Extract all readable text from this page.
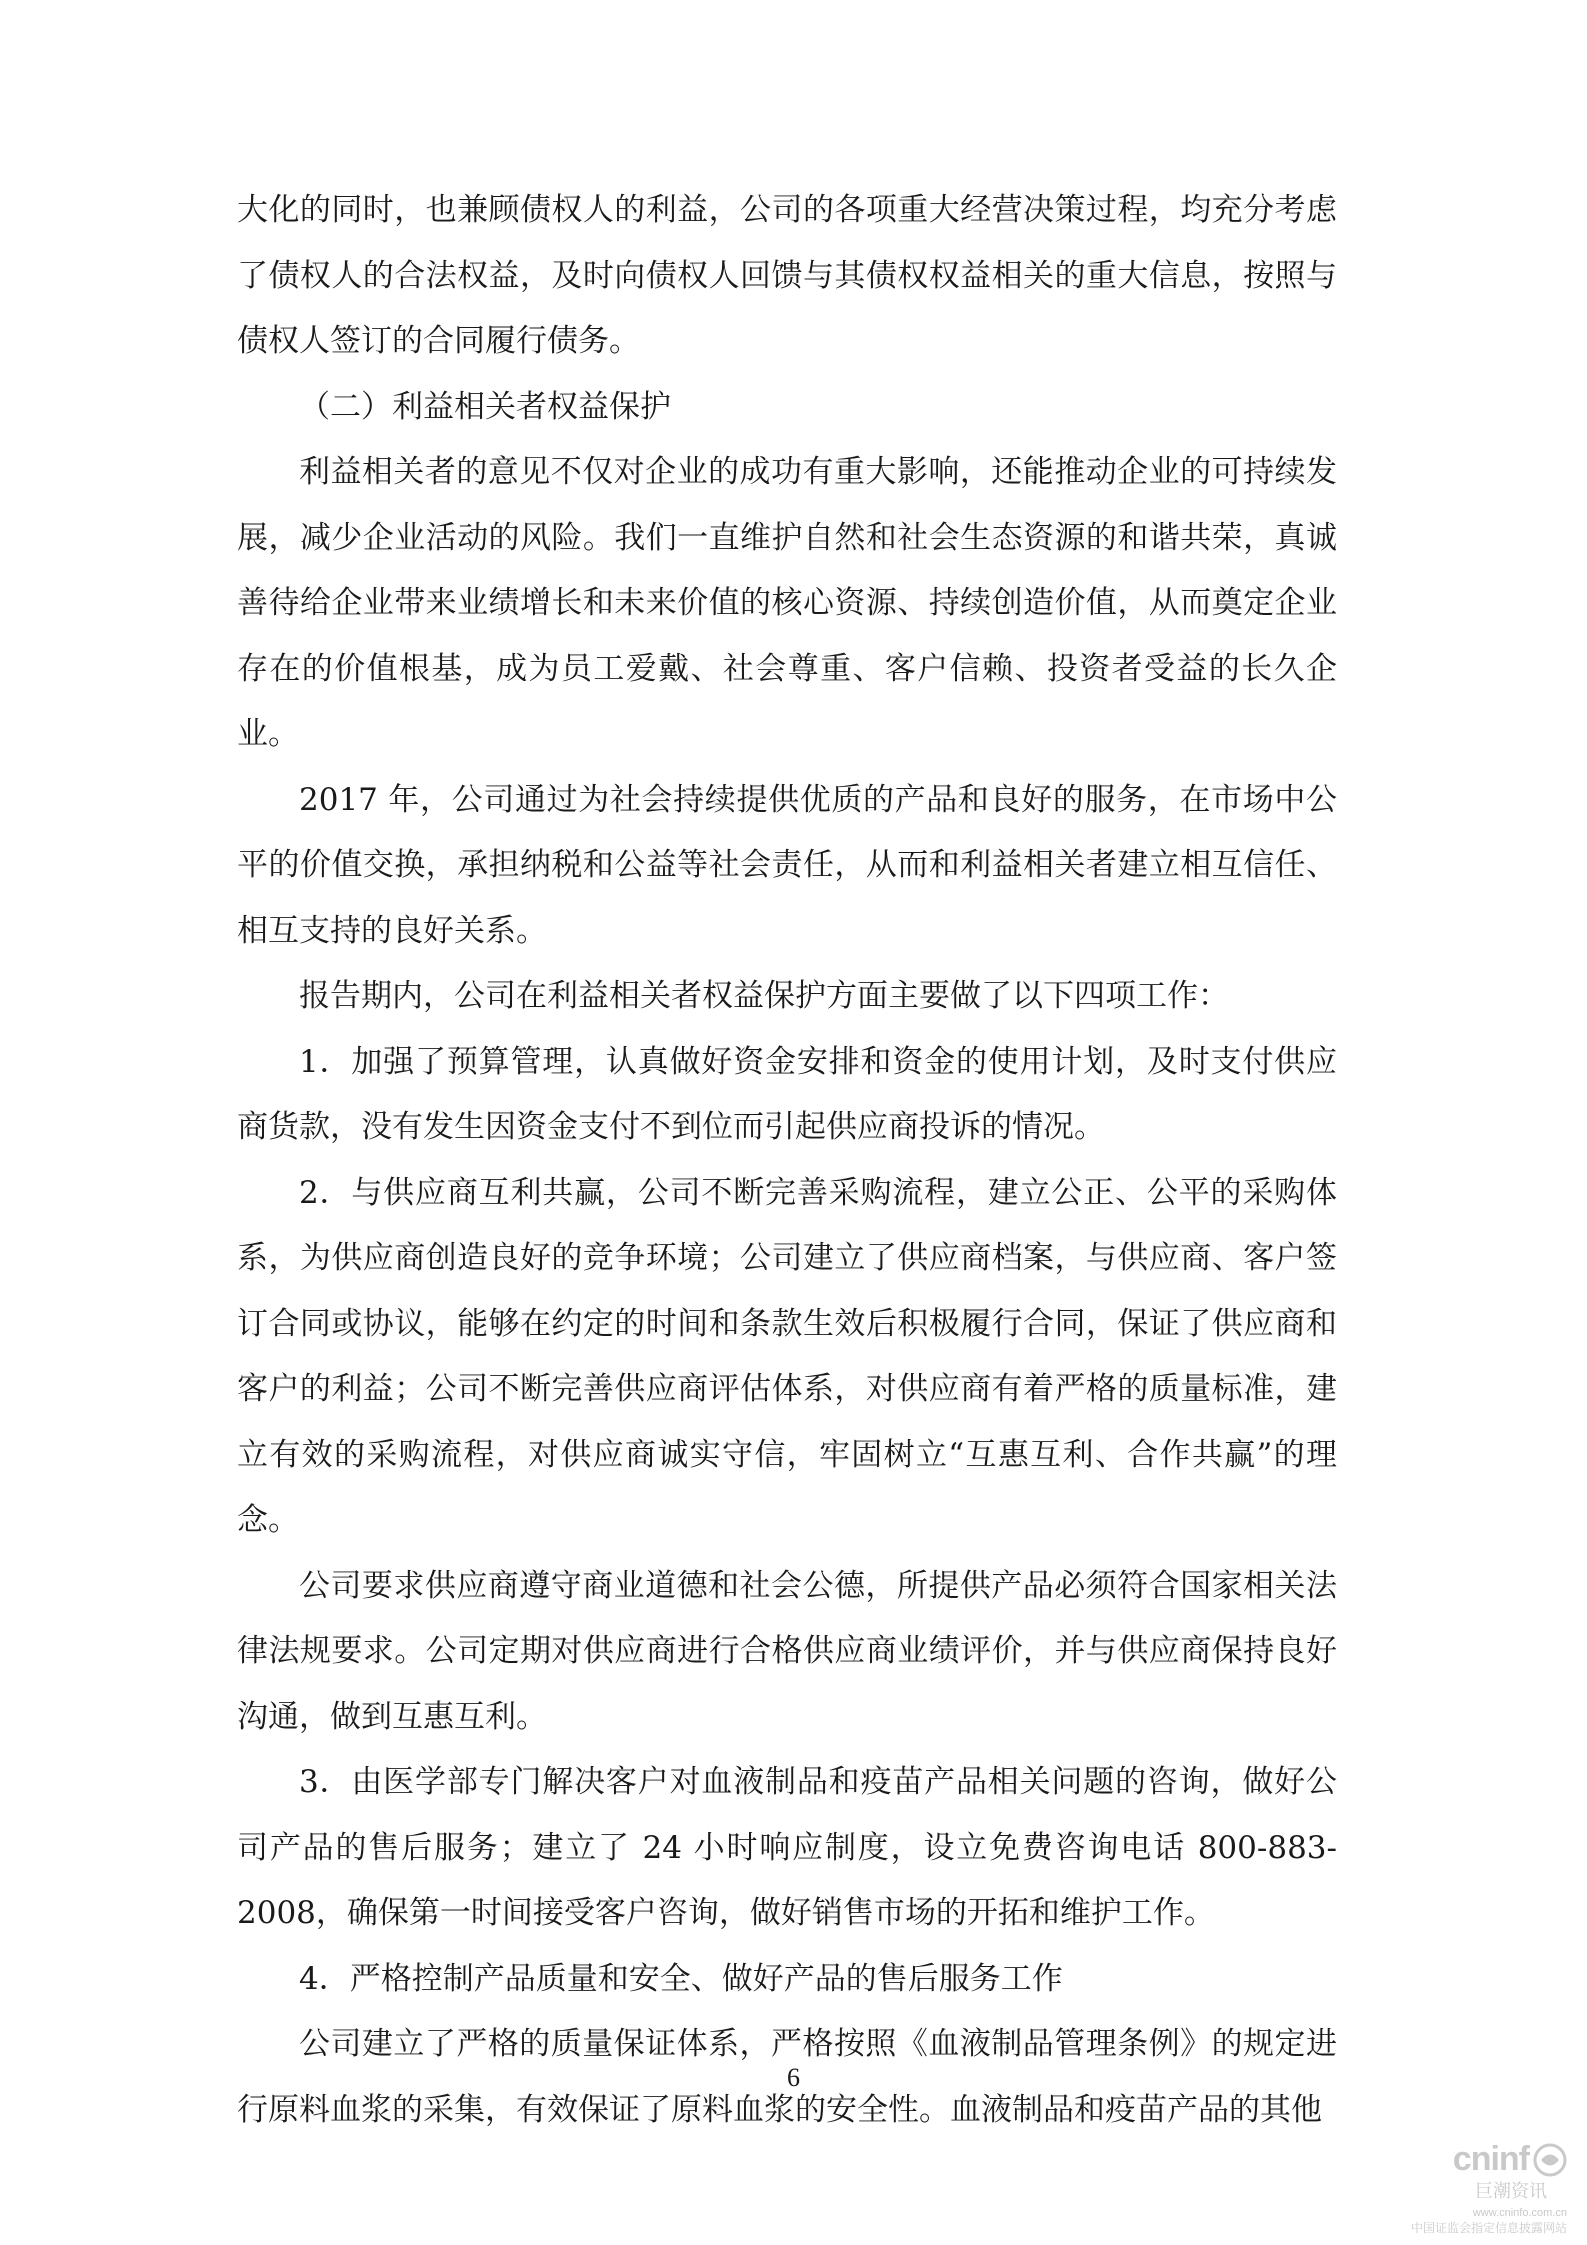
大化的同时，也兼顾债权人的利益，公司的各项重大经营决策过程，均充分考虑了债权人的合法权益，及时向债权人回馈与其债权权益相关的重大信息，按照与债权人签订的合同履行债务。

（二）利益相关者权益保护

利益相关者的意见不仅对企业的成功有重大影响，还能推动企业的可持续发展，减少企业活动的风险。我们一直维护自然和社会生态资源的和谐共荣，真诚善待给企业带来业绩增长和未来价值的核心资源、持续创造价值，从而奠定企业存在的价值根基，成为员工爱戴、社会尊重、客户信赖、投资者受益的长久企业。

2017 年，公司通过为社会持续提供优质的产品和良好的服务，在市场中公平的价值交换，承担纳税和公益等社会责任，从而和利益相关者建立相互信任、相互支持的良好关系。

报告期内，公司在利益相关者权益保护方面主要做了以下四项工作：

1．加强了预算管理，认真做好资金安排和资金的使用计划，及时支付供应商货款，没有发生因资金支付不到位而引起供应商投诉的情况。

2．与供应商互利共赢，公司不断完善采购流程，建立公正、公平的采购体系，为供应商创造良好的竞争环境；公司建立了供应商档案，与供应商、客户签订合同或协议，能够在约定的时间和条款生效后积极履行合同，保证了供应商和客户的利益；公司不断完善供应商评估体系，对供应商有着严格的质量标准，建立有效的采购流程，对供应商诚实守信，牢固树立“互惠互利、合作共赢”的理念。

公司要求供应商遵守商业道德和社会公德，所提供产品必须符合国家相关法律法规要求。公司定期对供应商进行合格供应商业绩评价，并与供应商保持良好沟通，做到互惠互利。

3．由医学部专门解决客户对血液制品和疫苗产品相关问题的咨询，做好公司产品的售后服务；建立了 24 小时响应制度，设立免费咨询电话 800-883-2008，确保第一时间接受客户咨询，做好销售市场的开拓和维护工作。

4．严格控制产品质量和安全、做好产品的售后服务工作

公司建立了严格的质量保证体系，严格按照《血液制品管理条例》的规定进行原料血浆的采集，有效保证了原料血浆的安全性。血液制品和疫苗产品的其他

6
cninf
巨潮资讯
www.cninfo.com.cn
中国证监会指定信息披露网站
